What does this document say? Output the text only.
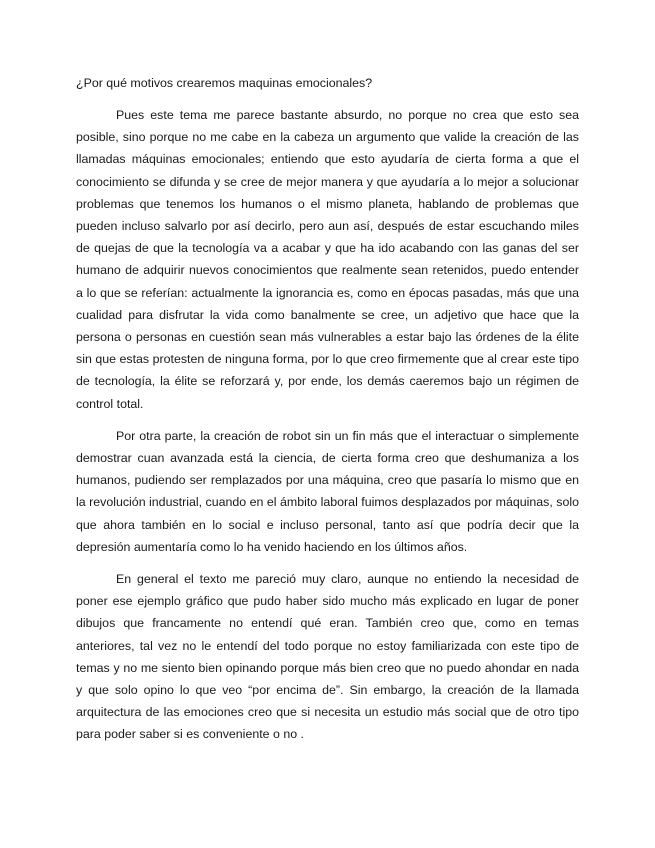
¿Por qué motivos crearemos maquinas emocionales?

Pues este tema me parece bastante absurdo, no porque no crea que esto sea posible, sino porque no me cabe en la cabeza un argumento que valide la creación de las llamadas máquinas emocionales; entiendo que esto ayudaría de cierta forma a que el conocimiento se difunda y se cree de mejor manera y que ayudaría a lo mejor a solucionar problemas que tenemos los humanos o el mismo planeta, hablando de problemas que pueden incluso salvarlo por así decirlo, pero aun así, después de estar escuchando miles de quejas de que la tecnología va a acabar y que ha ido acabando con las ganas del ser humano de adquirir nuevos conocimientos que realmente sean retenidos, puedo entender a lo que se referían: actualmente la ignorancia es, como en épocas pasadas, más que una cualidad para disfrutar la vida como banalmente se cree, un adjetivo que hace que la persona o personas en cuestión sean más vulnerables a estar bajo las órdenes de la élite sin que estas protesten de ninguna forma, por lo que creo firmemente que al crear este tipo de tecnología, la élite se reforzará y, por ende, los demás caeremos bajo un régimen de control total.

Por otra parte, la creación de robot sin un fin más que el interactuar o simplemente demostrar cuan avanzada está la ciencia, de cierta forma creo que deshumaniza a los humanos, pudiendo ser remplazados por una máquina, creo que pasaría lo mismo que en la revolución industrial, cuando en el ámbito laboral fuimos desplazados por máquinas, solo que ahora también en lo social e incluso personal, tanto así que podría decir que la depresión aumentaría como lo ha venido haciendo en los últimos años.

En general el texto me pareció muy claro, aunque no entiendo la necesidad de poner ese ejemplo gráfico que pudo haber sido mucho más explicado en lugar de poner dibujos que francamente no entendí qué eran. También creo que, como en temas anteriores, tal vez no le entendí del todo porque no estoy familiarizada con este tipo de temas y no me siento bien opinando porque más bien creo que no puedo ahondar en nada y que solo opino lo que veo “por encima de”. Sin embargo, la creación de la llamada arquitectura de las emociones creo que si necesita un estudio más social que de otro tipo para poder saber si es conveniente o no .
